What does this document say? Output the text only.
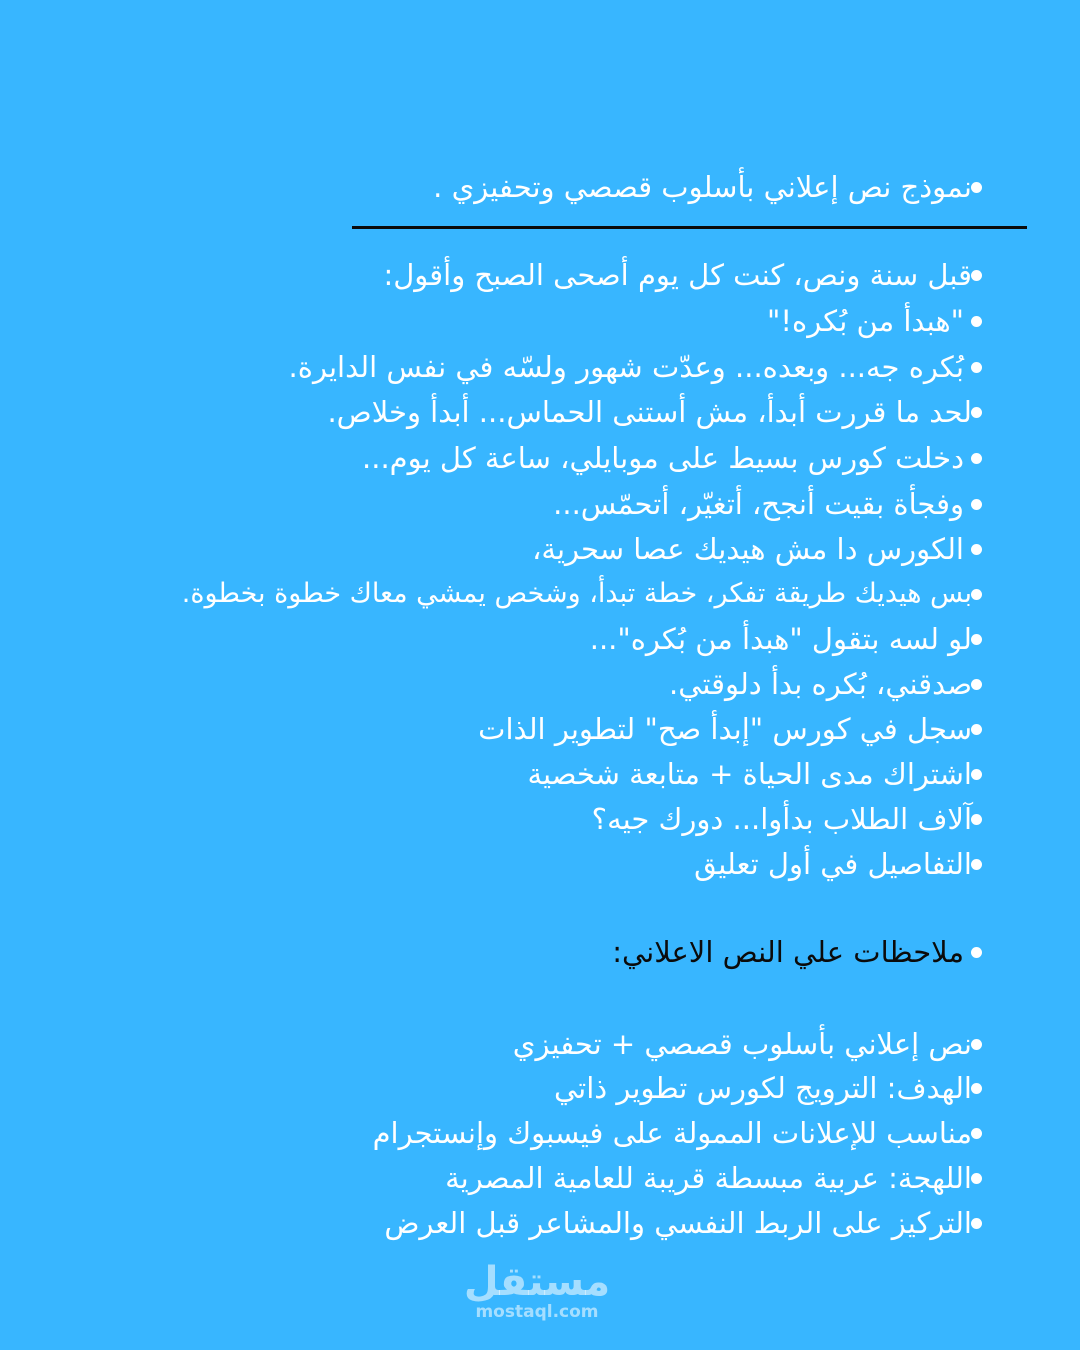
نموذج نص إعلاني بأسلوب قصصي وتحفيزي .
قبل سنة ونص، كنت كل يوم أصحى الصبح وأقول:
"هبدأ من بُكره!"
بُكره جه... وبعده... وعدّت شهور ولسّه في نفس الدايرة.
لحد ما قررت أبدأ، مش أستنى الحماس... أبدأ وخلاص.
دخلت كورس بسيط على موبايلي، ساعة كل يوم...
وفجأة بقيت أنجح، أتغيّر، أتحمّس...
الكورس دا مش هيديك عصا سحرية،
بس هيديك طريقة تفكر، خطة تبدأ، وشخص يمشي معاك خطوة بخطوة.
لو لسه بتقول "هبدأ من بُكره"...
صدقني، بُكره بدأ دلوقتي.
سجل في كورس "إبدأ صح" لتطوير الذات
اشتراك مدى الحياة + متابعة شخصية
آلاف الطلاب بدأوا... دورك جيه؟
التفاصيل في أول تعليق
ملاحظات علي النص الاعلاني:
نص إعلاني بأسلوب قصصي + تحفيزي
الهدف: الترويج لكورس تطوير ذاتي
مناسب للإعلانات الممولة على فيسبوك وإنستجرام
اللهجة: عربية مبسطة قريبة للعامية المصرية
التركيز على الربط النفسي والمشاعر قبل العرض
مستقل
mostaql.com
